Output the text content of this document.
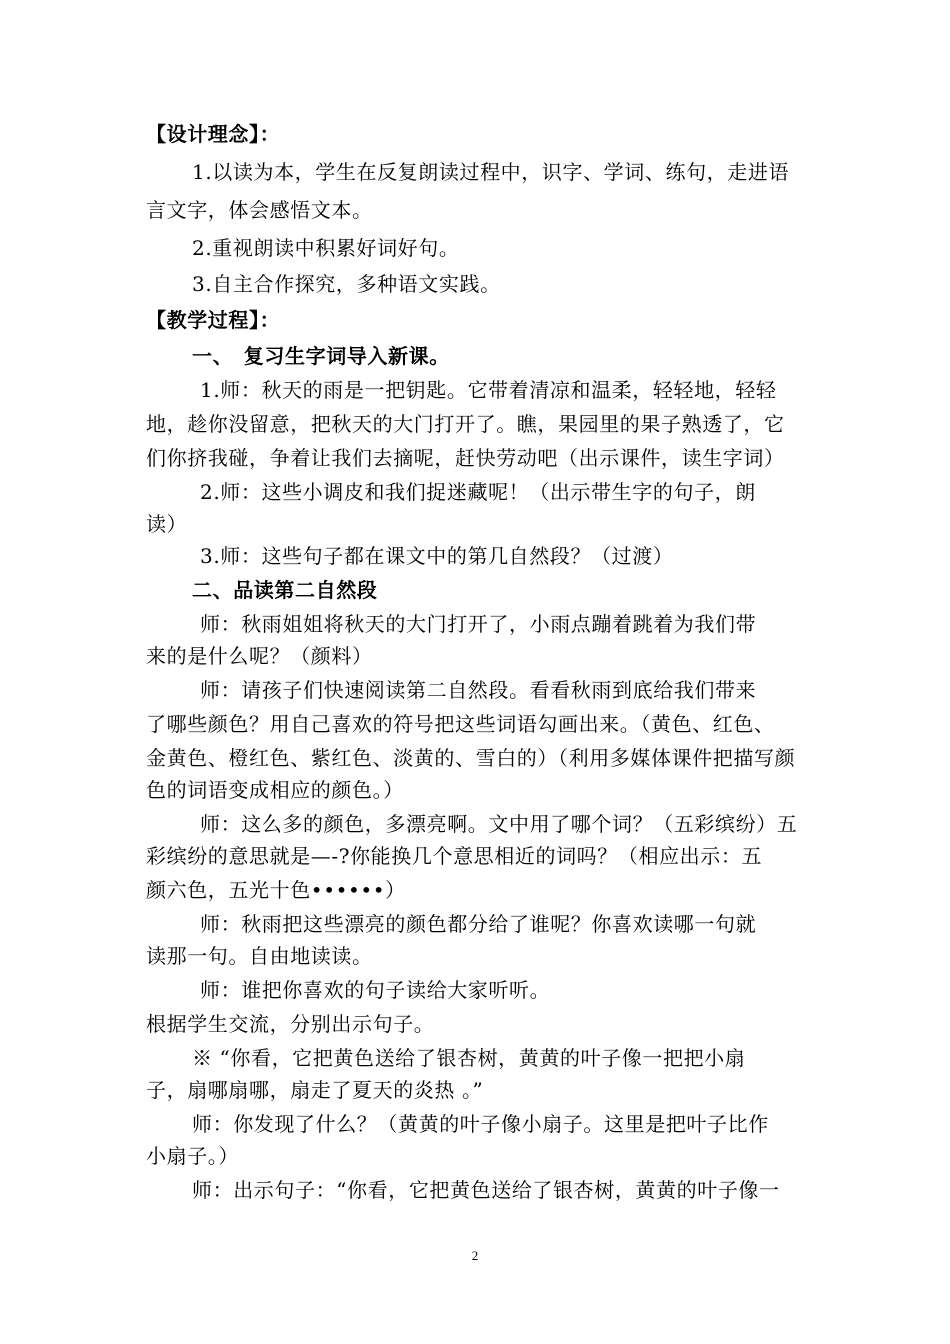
【设计理念】：
1.以读为本，学生在反复朗读过程中，识字、学词、练句，走进语
言文字，体会感悟文本。
2.重视朗读中积累好词好句。
3.自主合作探究，多种语文实践。
【教学过程】：
一、　复习生字词导入新课。
1.师：秋天的雨是一把钥匙。它带着清凉和温柔，轻轻地，轻轻
地，趁你没留意，把秋天的大门打开了。瞧，果园里的果子熟透了，它
们你挤我碰，争着让我们去摘呢，赶快劳动吧（出示课件，读生字词）
2.师：这些小调皮和我们捉迷藏呢！（出示带生字的句子，朗
读）
3.师：这些句子都在课文中的第几自然段？（过渡）
二、品读第二自然段
师：秋雨姐姐将秋天的大门打开了，小雨点蹦着跳着为我们带
来的是什么呢？（颜料）
师：请孩子们快速阅读第二自然段。看看秋雨到底给我们带来
了哪些颜色？用自己喜欢的符号把这些词语勾画出来。（黄色、红色、
金黄色、橙红色、紫红色、淡黄的、雪白的）（利用多媒体课件把描写颜
色的词语变成相应的颜色。）
师：这么多的颜色，多漂亮啊。文中用了哪个词？（五彩缤纷）五
彩缤纷的意思就是—-?你能换几个意思相近的词吗？（相应出示：五
颜六色，五光十色••••••）
师：秋雨把这些漂亮的颜色都分给了谁呢？你喜欢读哪一句就
读那一句。自由地读读。
师：谁把你喜欢的句子读给大家听听。
根据学生交流，分别出示句子。
※ “你看，它把黄色送给了银杏树，黄黄的叶子像一把把小扇
子，扇哪扇哪，扇走了夏天的炎热 。”
师：你发现了什么？（黄黄的叶子像小扇子。这里是把叶子比作
小扇子。）
师：出示句子：“你看，它把黄色送给了银杏树，黄黄的叶子像一
2
